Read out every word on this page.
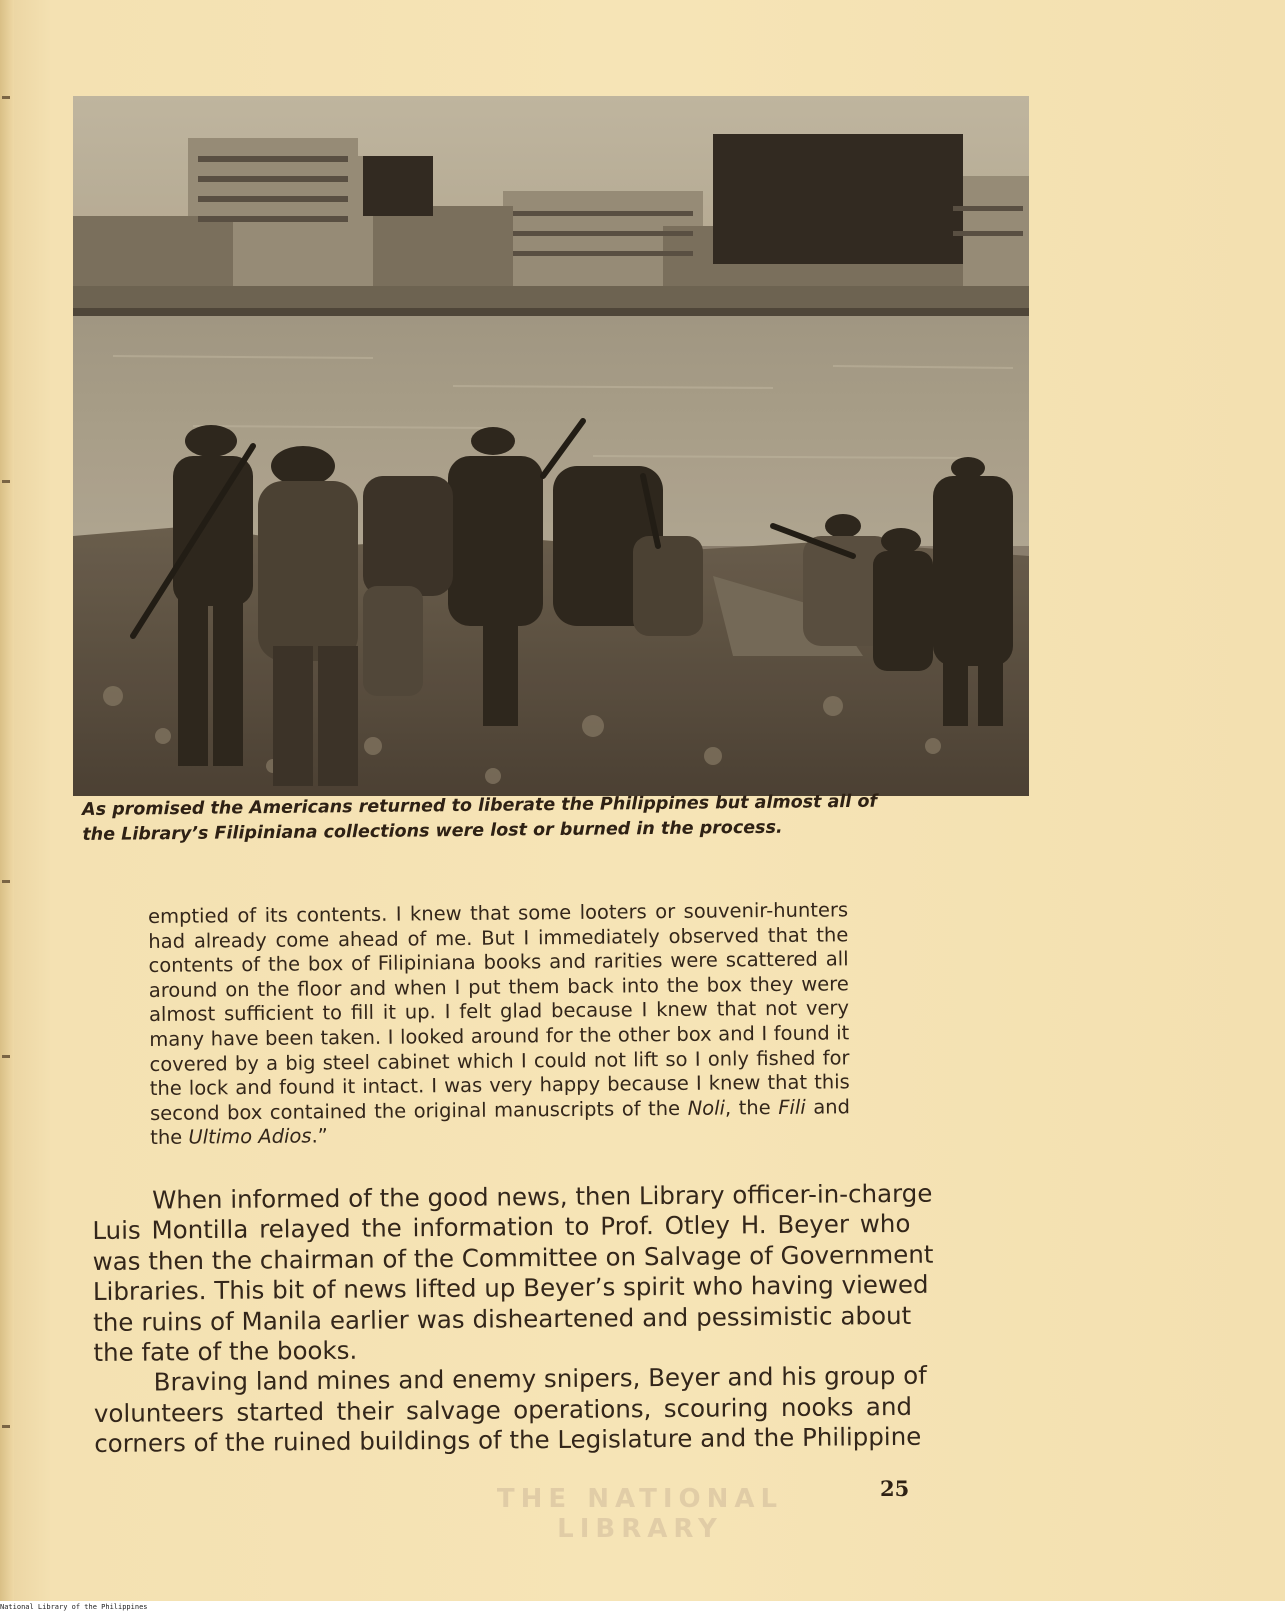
As promised the Americans returned to liberate the Philippines but almost all of
the Library’s Filipiniana collections were lost or burned in the process.
emptied of its contents. I knew that some looters or souvenir-hunters
had already come ahead of me. But I immediately observed that the
contents of the box of Filipiniana books and rarities were scattered all
around on the floor and when I put them back into the box they were
almost sufficient to fill it up. I felt glad because I knew that not very
many have been taken. I looked around for the other box and I found it
covered by a big steel cabinet which I could not lift so I only fished for
the lock and found it intact. I was very happy because I knew that this
second box contained the original manuscripts of the Noli, the Fili and
the Ultimo Adios.”
When informed of the good news, then Library officer-in-charge
Luis Montilla relayed the information to Prof. Otley H. Beyer who
was then the chairman of the Committee on Salvage of Government
Libraries. This bit of news lifted up Beyer’s spirit who having viewed
the ruins of Manila earlier was disheartened and pessimistic about
the fate of the books.
Braving land mines and enemy snipers, Beyer and his group of
volunteers started their salvage operations, scouring nooks and
corners of the ruined buildings of the Legislature and the Philippine
THE NATIONAL LIBRARY
25
National Library of the Philippines
